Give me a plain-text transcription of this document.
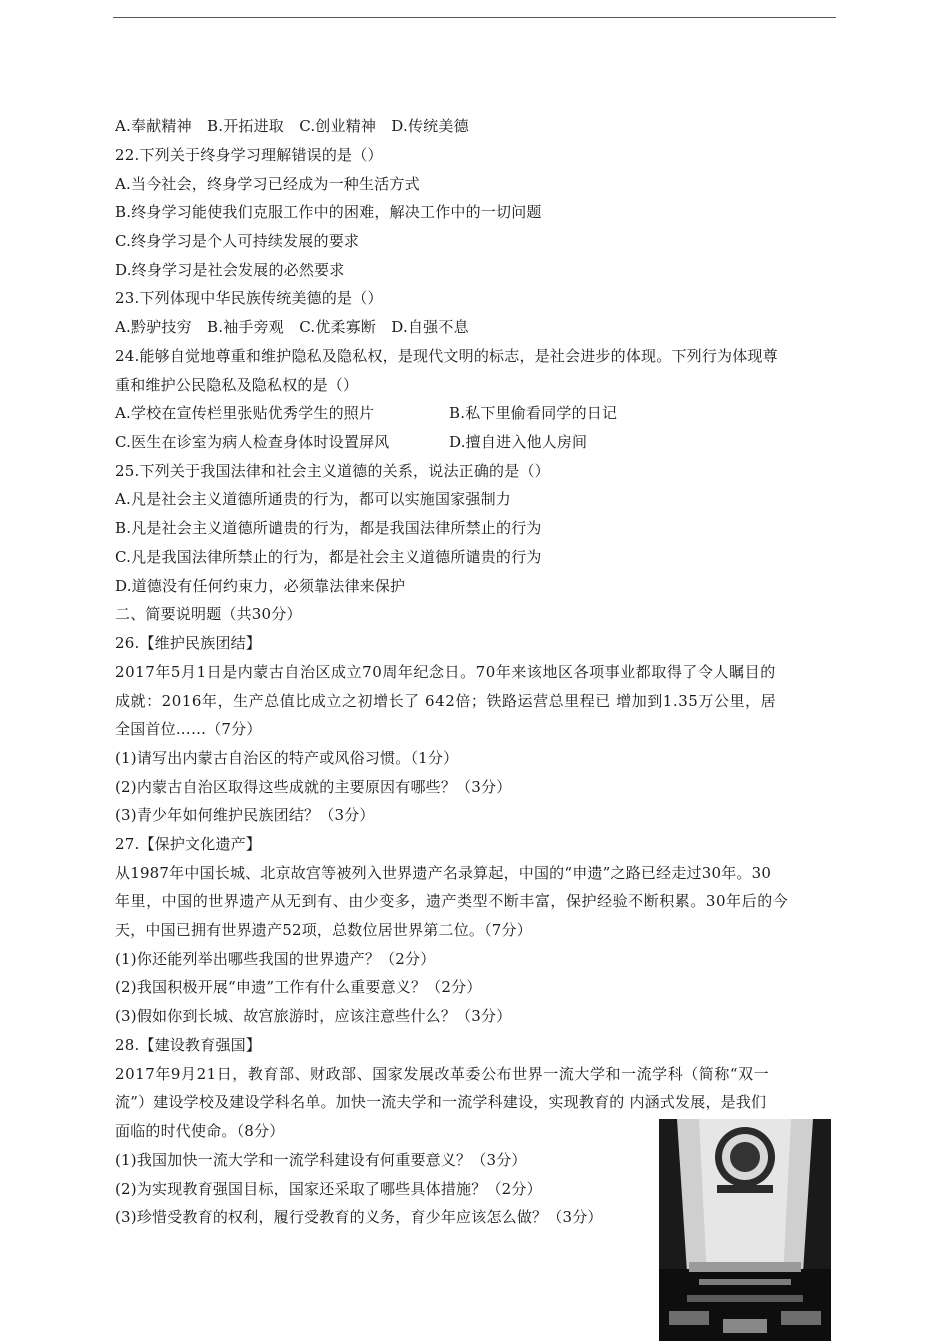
A.奉献精神　B.开拓进取　C.创业精神　D.传统美德
22.下列关于终身学习理解错误的是（）
A.当今社会，终身学习已经成为一种生活方式
B.终身学习能使我们克服工作中的困难，解决工作中的一切问题
C.终身学习是个人可持续发展的要求
D.终身学习是社会发展的必然要求
23.下列体现中华民族传统美德的是（）
A.黔驴技穷　B.袖手旁观　C.优柔寡断　D.自强不息
24.能够自觉地尊重和维护隐私及隐私权，是现代文明的标志，是社会进步的体现。下列行为体现尊
重和维护公民隐私及隐私权的是（）
A.学校在宣传栏里张贴优秀学生的照片	B.私下里偷看同学的日记
C.医生在诊室为病人检查身体时设置屏风	D.擅自进入他人房间
25.下列关于我国法律和社会主义道德的关系，说法正确的是（）
A.凡是社会主义道德所通贵的行为，都可以实施国家强制力
B.凡是社会主义道德所谴贵的行为，都是我国法律所禁止的行为
C.凡是我国法律所禁止的行为，都是社会主义道德所谴贵的行为
D.道德没有任何约束力，必须靠法律来保护
二、简要说明题（共30分）
26.【维护民族团结】
2017年5月1日是内蒙古自治区成立70周年纪念日。70年来该地区各项事业都取得了令人瞩目的
成就：2016年，生产总值比成立之初增长了 642倍；铁路运营总里程已 增加到1.35万公里，居
全国首位……（7分）
(1)请写出内蒙古自治区的特产或风俗习惯。（1分）
(2)内蒙古自治区取得这些成就的主要原因有哪些？（3分）
(3)青少年如何维护民族团结？（3分）
27.【保护文化遗产】
从1987年中国长城、北京故宫等被列入世界遗产名录算起，中国的“申遗”之路已经走过30年。30
年里，中国的世界遗产从无到有、由少变多，遗产类型不断丰富，保护经验不断积累。30年后的今
天，中国已拥有世界遗产52项，总数位居世界第二位。（7分）
(1)你还能列举出哪些我国的世界遗产？（2分）
(2)我国积极开展“申遗”工作有什么重要意义？（2分）
(3)假如你到长城、故宫旅游时，应该注意些什么？（3分）
28.【建设教育强国】
2017年9月21日，教育部、财政部、国家发展改革委公布世界一流大学和一流学科（简称“双一
流”）建设学校及建设学科名单。加快一流夫学和一流学科建设，实现教育的 内涵式发展，是我们
面临的时代使命。（8分）
(1)我国加快一流大学和一流学科建设有何重要意义？（3分）
(2)为实现教育强国目标，国家还采取了哪些具体措施？（2分）
(3)珍惜受教育的权利，履行受教育的义务，育少年应该怎么做？（3分）
